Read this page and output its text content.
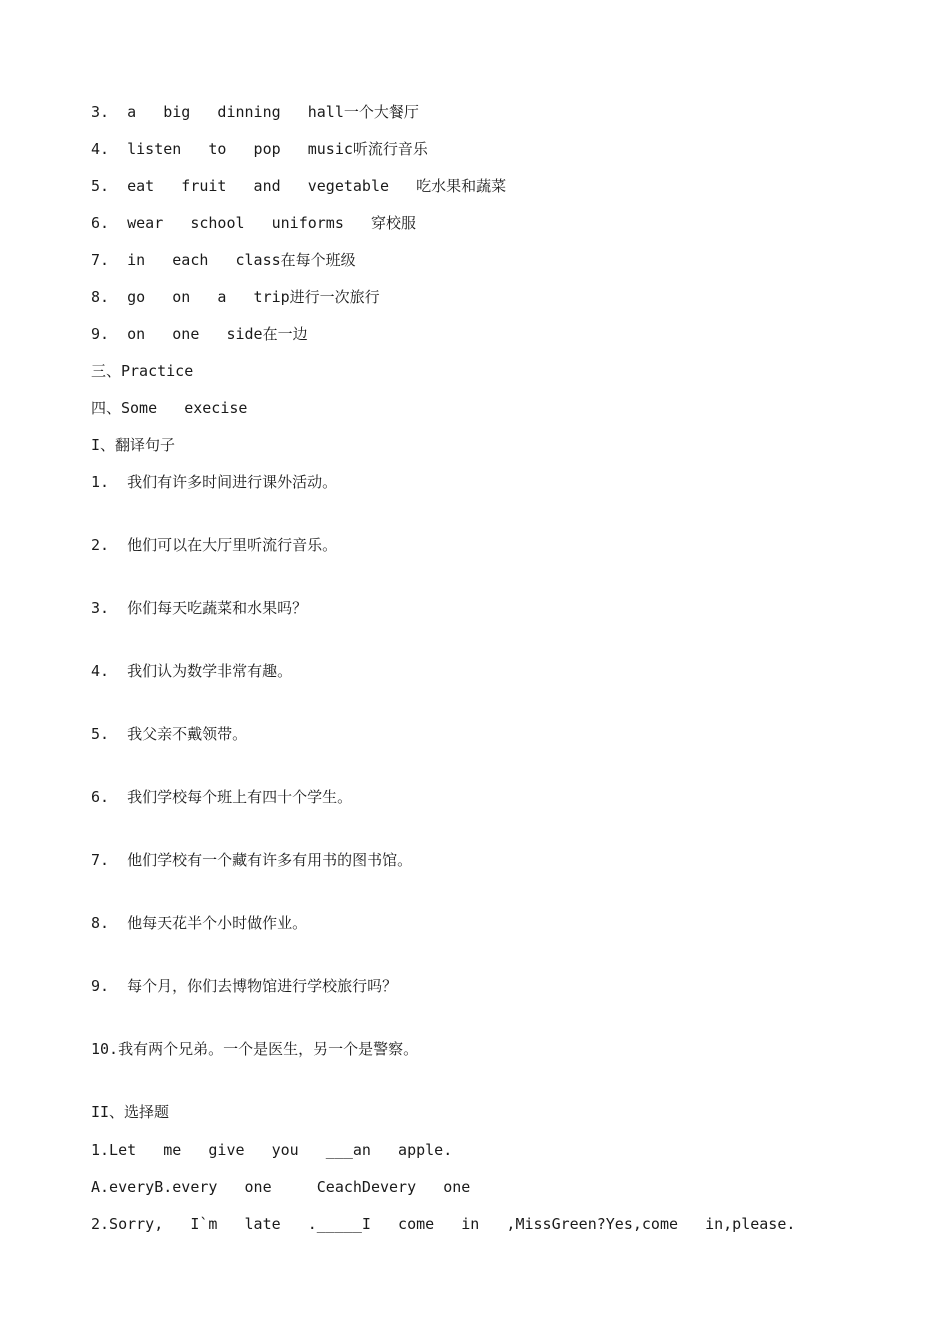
3.  a   big   dinning   hall一个大餐厅
4.  listen   to   pop   music听流行音乐
5.  eat   fruit   and   vegetable   吃水果和蔬菜
6.  wear   school   uniforms   穿校服
7.  in   each   class在每个班级
8.  go   on   a   trip进行一次旅行
9.  on   one   side在一边
三、Practice
四、Some   execise
I、翻译句子
1.  我们有许多时间进行课外活动。
2.  他们可以在大厅里听流行音乐。
3.  你们每天吃蔬菜和水果吗？
4.  我们认为数学非常有趣。
5.  我父亲不戴领带。
6.  我们学校每个班上有四十个学生。
7.  他们学校有一个藏有许多有用书的图书馆。
8.  他每天花半个小时做作业。
9.  每个月，你们去博物馆进行学校旅行吗？
10.我有两个兄弟。一个是医生，另一个是警察。
II、选择题
1.Let   me   give   you   ___an   apple.
A.everyB.every   one     CeachDevery   one
2.Sorry,   I`m   late   ._____I   come   in   ,MissGreen?Yes,come   in,please.
